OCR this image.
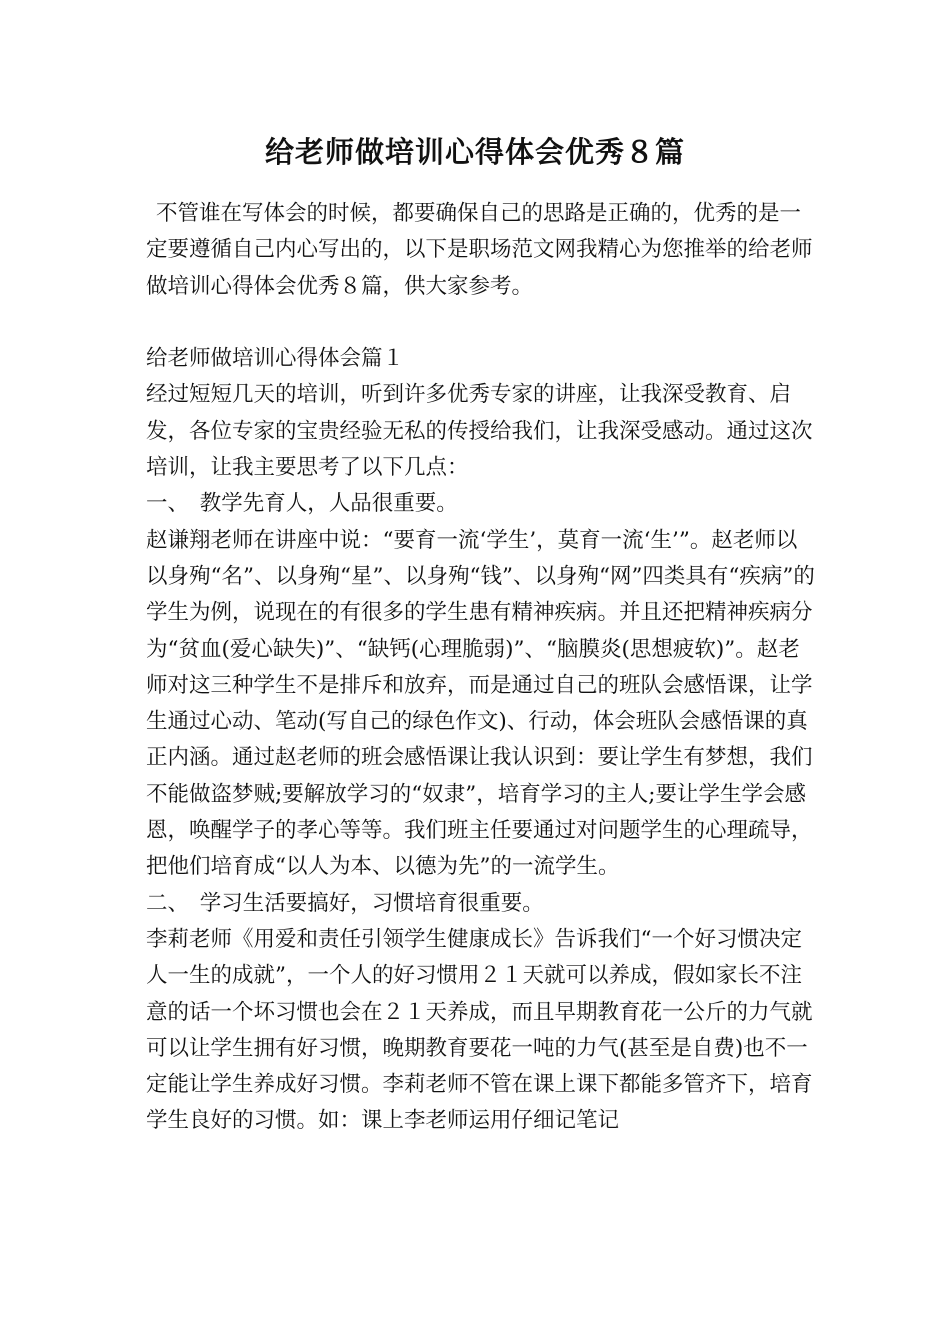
给老师做培训心得体会优秀８篇

不管谁在写体会的时候，都要确保自己的思路是正确的，优秀的是一定要遵循自己内心写出的，以下是职场范文网我精心为您推举的给老师做培训心得体会优秀８篇，供大家参考。

给老师做培训心得体会篇１

经过短短几天的培训，听到许多优秀专家的讲座，让我深受教育、启发，各位专家的宝贵经验无私的传授给我们，让我深受感动。通过这次培训，让我主要思考了以下几点：

一、　教学先育人，人品很重要。

赵谦翔老师在讲座中说：“要育一流‘学生’，莫育一流‘生’”。赵老师以以身殉“名”、以身殉“星”、以身殉“钱”、以身殉“网”四类具有“疾病”的学生为例，说现在的有很多的学生患有精神疾病。并且还把精神疾病分为“贫血(爱心缺失)”、“缺钙(心理脆弱)”、“脑膜炎(思想疲软)”。赵老师对这三种学生不是排斥和放弃，而是通过自己的班队会感悟课，让学生通过心动、笔动(写自己的绿色作文)、行动，体会班队会感悟课的真正内涵。通过赵老师的班会感悟课让我认识到：要让学生有梦想，我们不能做盗梦贼;要解放学习的“奴隶”，培育学习的主人;要让学生学会感恩，唤醒学子的孝心等等。我们班主任要通过对问题学生的心理疏导，把他们培育成“以人为本、以德为先”的一流学生。

二、　学习生活要搞好，习惯培育很重要。

李莉老师《用爱和责任引领学生健康成长》告诉我们“一个好习惯决定人一生的成就”，一个人的好习惯用２１天就可以养成，假如家长不注意的话一个坏习惯也会在２１天养成，而且早期教育花一公斤的力气就可以让学生拥有好习惯，晚期教育要花一吨的力气(甚至是自费)也不一定能让学生养成好习惯。李莉老师不管在课上课下都能多管齐下，培育学生良好的习惯。如：课上李老师运用仔细记笔记
